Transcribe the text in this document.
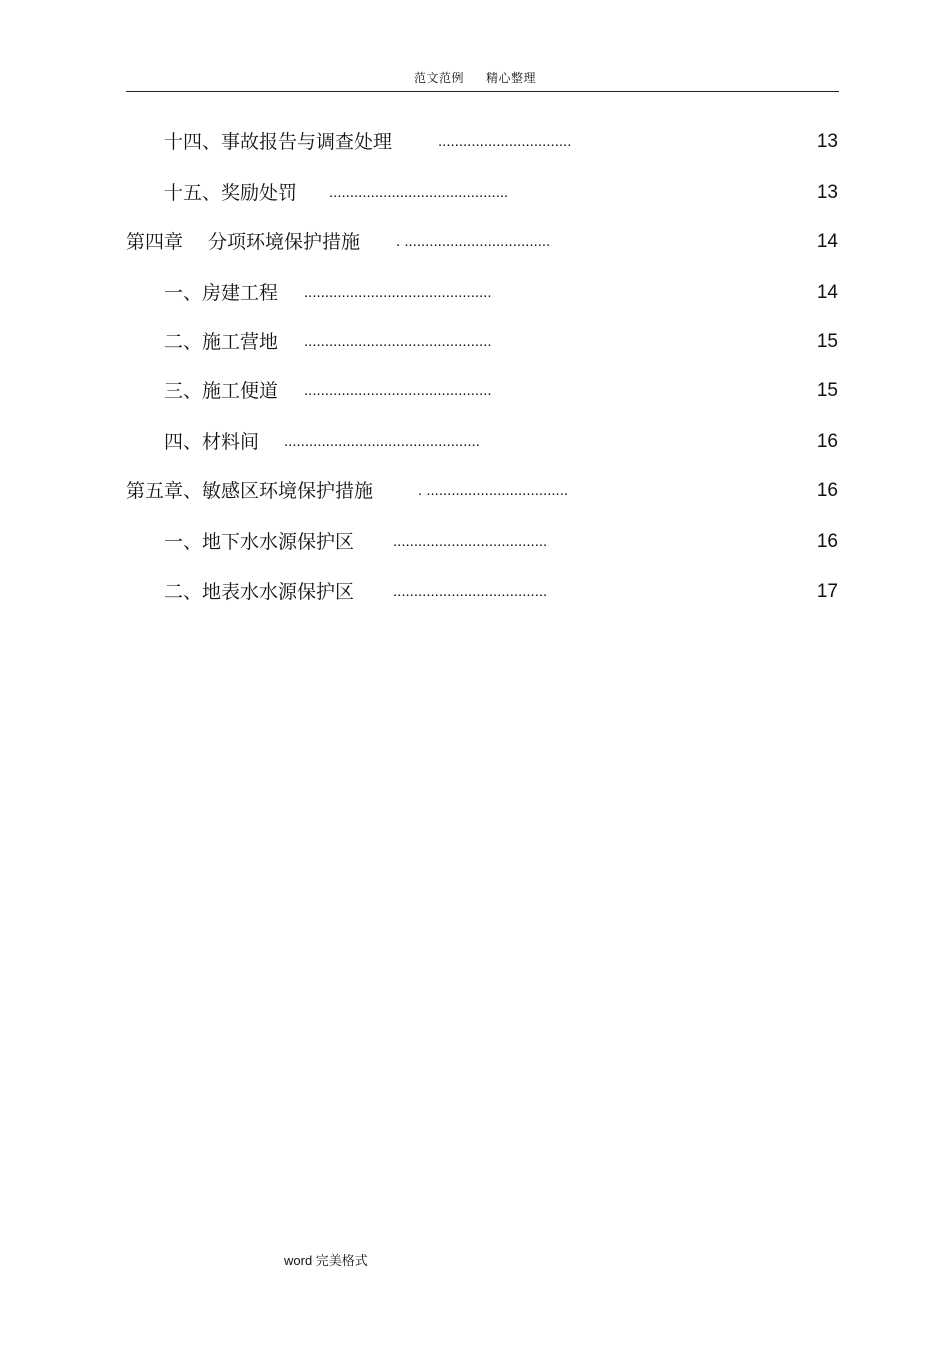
范文范例 精心整理
十四、事故报告与调查处理	................................	13
十五、奖励处罚 ...........................................	13
第四章　 分项环境保护措施 . ...................................	14
一、房建工程 .............................................	14
二、施工营地 .............................................	15
三、施工便道 .............................................	15
四、材料间 ...............................................	16
第五章、敏感区环境保护措施	. ..................................	16
一、地下水水源保护区	.....................................	16
二、地表水水源保护区	.....................................	17
word 完美格式
